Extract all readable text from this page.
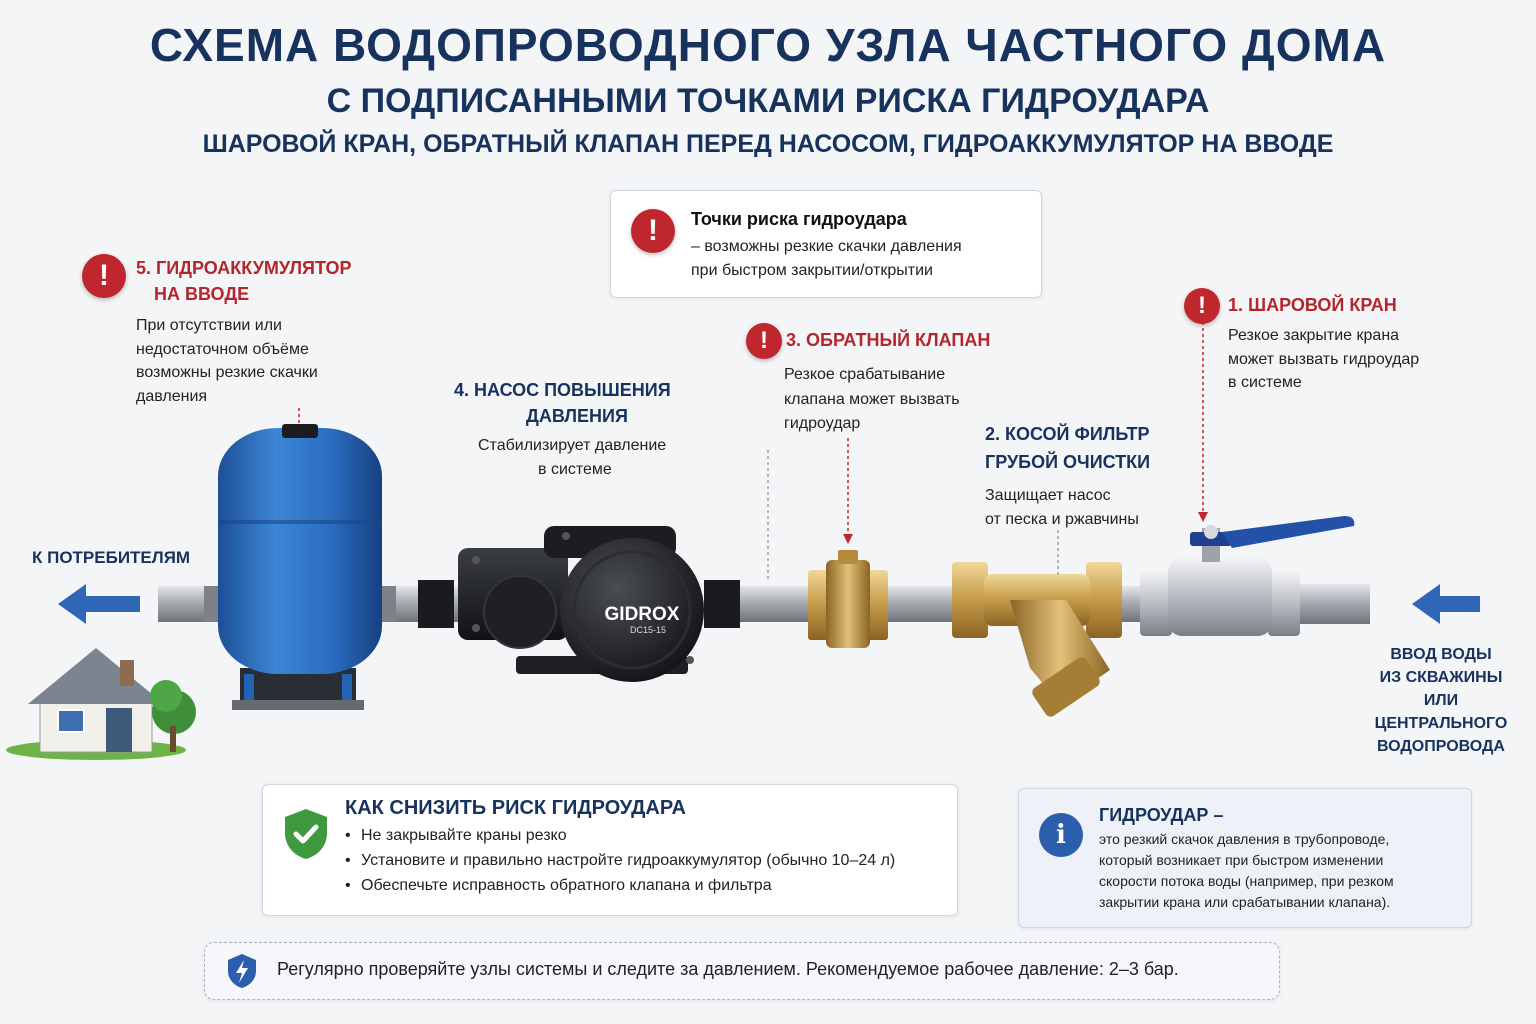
СХЕМА ВОДОПРОВОДНОГО УЗЛА ЧАСТНОГО ДОМА
С ПОДПИСАННЫМИ ТОЧКАМИ РИСКА ГИДРОУДАРА
ШАРОВОЙ КРАН, ОБРАТНЫЙ КЛАПАН ПЕРЕД НАСОСОМ, ГИДРОАККУМУЛЯТОР НА ВВОДЕ
!	Точки риска гидроудара
– возможны резкие скачки давления
при быстром закрытии/открытии
!	5. ГИДРОАККУМУЛЯТОР
НА ВВОДЕ
При отсутствии или
недостаточном объёме
возможны резкие скачки
давления	4. НАСОС ПОВЫШЕНИЯ
ДАВЛЕНИЯ
Стабилизирует давление
в системе
!	3. ОБРАТНЫЙ КЛАПАН
Резкое срабатывание
клапана может вызвать
гидроудар
2. КОСОЙ ФИЛЬТР
ГРУБОЙ ОЧИСТКИ
Защищает насос
от песка и ржавчины
!	1. ШАРОВОЙ КРАН
Резкое закрытие крана
может вызвать гидроудар
в системе
К ПОТРЕБИТЕЛЯМ
ВВОД ВОДЫ
ИЗ СКВАЖИНЫ
ИЛИ ЦЕНТРАЛЬНОГО
ВОДОПРОВОДА
GIDROX
DC15-15
КАК СНИЗИТЬ РИСК ГИДРОУДАРА
• Не закрывайте краны резко
• Установите и правильно настройте гидроаккумулятор (обычно 10–24 л)
• Обеспечьте исправность обратного клапана и фильтра
i
ГИДРОУДАР –
это резкий скачок давления в трубопроводе,
который возникает при быстром изменении
скорости потока воды (например, при резком
закрытии крана или срабатывании клапана).
Регулярно проверяйте узлы системы и следите за давлением. Рекомендуемое рабочее давление: 2–3 бар.
